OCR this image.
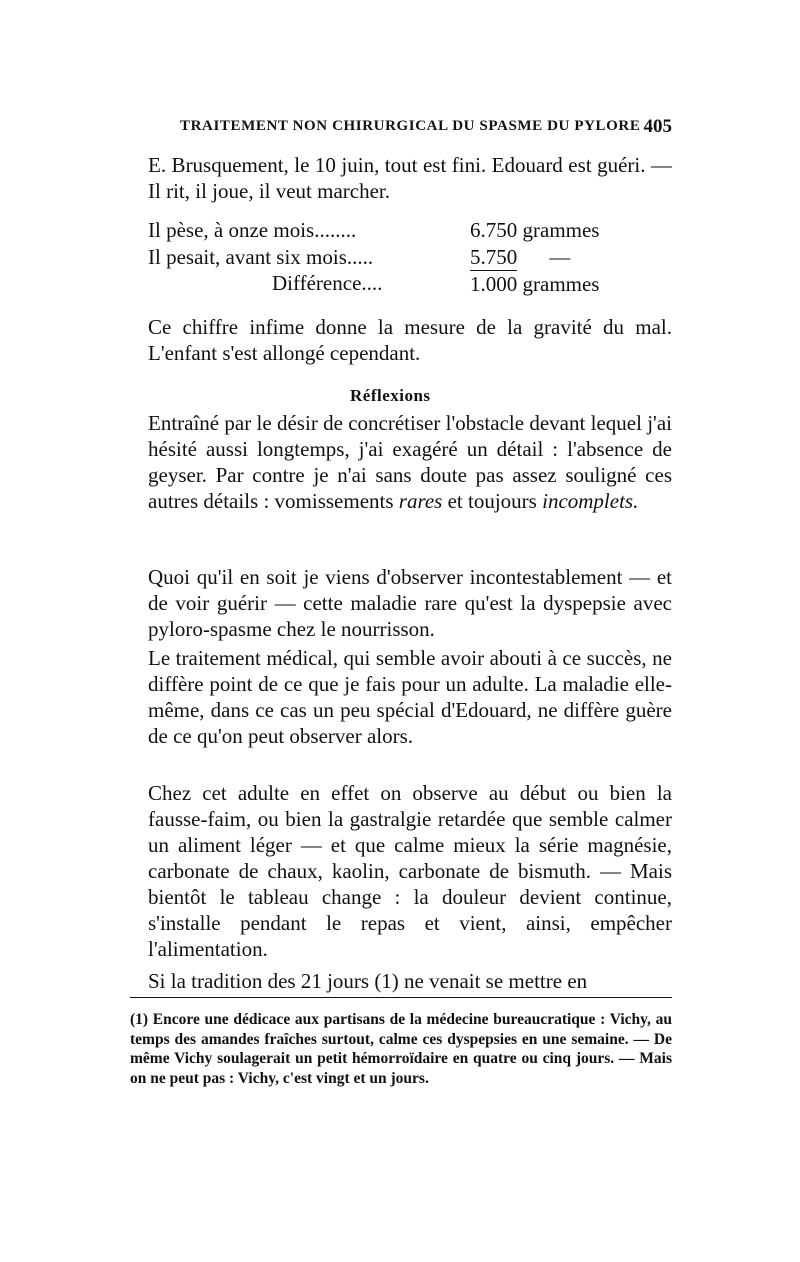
TRAITEMENT NON CHIRURGICAL DU SPASME DU PYLORE 405

E. Brusquement, le 10 juin, tout est fini. Edouard est guéri. — Il rit, il joue, il veut marcher.

Il pèse, à onze mois........	6.750 grammes
Il pesait, avant six mois.....	5.750 —
Différence....	1.000 grammes

Ce chiffre infime donne la mesure de la gravité du mal. L'enfant s'est allongé cependant.

Réflexions

Entraîné par le désir de concrétiser l'obstacle devant lequel j'ai hésité aussi longtemps, j'ai exagéré un détail : l'absence de geyser. Par contre je n'ai sans doute pas assez souligné ces autres détails : vomissements rares et toujours incomplets.

Quoi qu'il en soit je viens d'observer incontestablement — et de voir guérir — cette maladie rare qu'est la dyspepsie avec pyloro-spasme chez le nourrisson.

Le traitement médical, qui semble avoir abouti à ce succès, ne diffère point de ce que je fais pour un adulte. La maladie elle-même, dans ce cas un peu spécial d'Edouard, ne diffère guère de ce qu'on peut observer alors.

Chez cet adulte en effet on observe au début ou bien la fausse-faim, ou bien la gastralgie retardée que semble calmer un aliment léger — et que calme mieux la série magnésie, carbonate de chaux, kaolin, carbonate de bismuth. — Mais bientôt le tableau change : la douleur devient continue, s'installe pendant le repas et vient, ainsi, empêcher l'alimentation.

Si la tradition des 21 jours (1) ne venait se mettre en

(1) Encore une dédicace aux partisans de la médecine bureaucratique : Vichy, au temps des amandes fraîches surtout, calme ces dyspepsies en une semaine. — De même Vichy soulagerait un petit hémorroïdaire en quatre ou cinq jours. — Mais on ne peut pas : Vichy, c'est vingt et un jours.
